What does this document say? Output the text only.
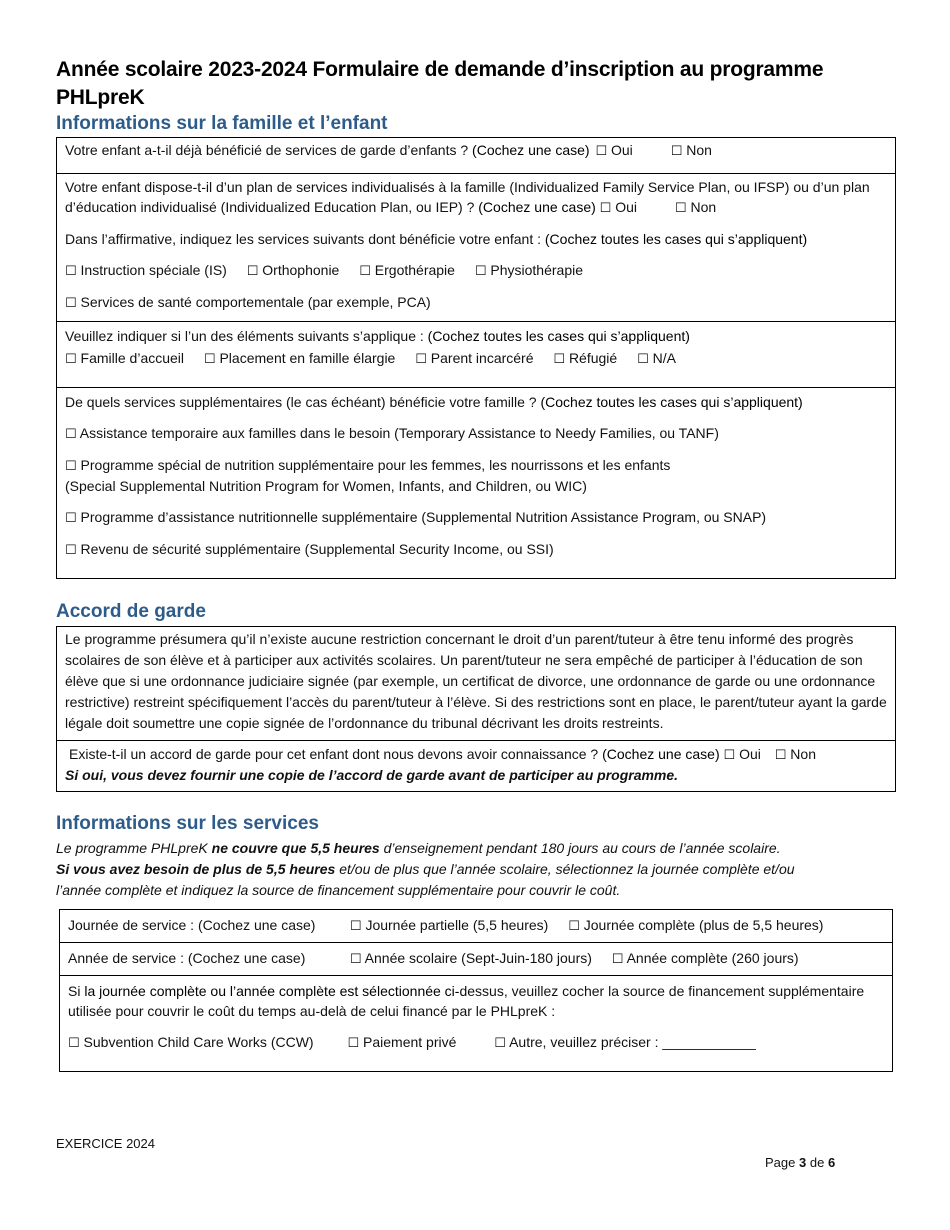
Année scolaire 2023-2024 Formulaire de demande d’inscription au programme PHLpreK
Informations sur la famille et l’enfant
Votre enfant a-t-il déjà bénéficié de services de garde d’enfants ? (Cochez une case) ☐ Oui	☐ Non
Votre enfant dispose-t-il d’un plan de services individualisés à la famille (Individualized Family Service Plan, ou IFSP) ou d’un plan d’éducation individualisé (Individualized Education Plan, ou IEP) ? (Cochez une case) ☐ Oui	☐ Non
Dans l’affirmative, indiquez les services suivants dont bénéficie votre enfant : (Cochez toutes les cases qui s’appliquent)
☐ Instruction spéciale (IS) ☐ Orthophonie ☐ Ergothérapie ☐ Physiothérapie
☐ Services de santé comportementale (par exemple, PCA)
Veuillez indiquer si l’un des éléments suivants s’applique : (Cochez toutes les cases qui s’appliquent)
☐ Famille d’accueil ☐ Placement en famille élargie ☐ Parent incarcéré ☐ Réfugié ☐ N/A
De quels services supplémentaires (le cas échéant) bénéficie votre famille ? (Cochez toutes les cases qui s’appliquent)
☐ Assistance temporaire aux familles dans le besoin (Temporary Assistance to Needy Families, ou TANF)
☐ Programme spécial de nutrition supplémentaire pour les femmes, les nourrissons et les enfants
(Special Supplemental Nutrition Program for Women, Infants, and Children, ou WIC)
☐ Programme d’assistance nutritionnelle supplémentaire (Supplemental Nutrition Assistance Program, ou SNAP)
☐ Revenu de sécurité supplémentaire (Supplemental Security Income, ou SSI)
Accord de garde

Le programme présumera qu’il n’existe aucune restriction concernant le droit d’un parent/tuteur à être tenu informé des progrès scolaires de son élève et à participer aux activités scolaires. Un parent/tuteur ne sera empêché de participer à l’éducation de son élève que si une ordonnance judiciaire signée (par exemple, un certificat de divorce, une ordonnance de garde ou une ordonnance restrictive) restreint spécifiquement l’accès du parent/tuteur à l’élève. Si des restrictions sont en place, le parent/tuteur ayant la garde légale doit soumettre une copie signée de l’ordonnance du tribunal décrivant les droits restreints.

Existe-t-il un accord de garde pour cet enfant dont nous devons avoir connaissance ? (Cochez une case) ☐ Oui ☐ Non
Si oui, vous devez fournir une copie de l’accord de garde avant de participer au programme.
Informations sur les services
Le programme PHLpreK ne couvre que 5,5 heures d’enseignement pendant 180 jours au cours de l’année scolaire.
Si vous avez besoin de plus de 5,5 heures et/ou de plus que l’année scolaire, sélectionnez la journée complète et/ou
l’année complète et indiquez la source de financement supplémentaire pour couvrir le coût.
Journée de service : (Cochez une case)	☐ Journée partielle (5,5 heures) ☐ Journée complète (plus de 5,5 heures)
Année de service : (Cochez une case)	☐ Année scolaire (Sept-Juin-180 jours) ☐ Année complète (260 jours)
Si la journée complète ou l’année complète est sélectionnée ci-dessus, veuillez cocher la source de financement supplémentaire utilisée pour couvrir le coût du temps au-delà de celui financé par le PHLpreK :
☐ Subvention Child Care Works (CCW)	☐ Paiement privé	☐ Autre, veuillez préciser : ____________
EXERCICE 2024
Page 3 de 6
